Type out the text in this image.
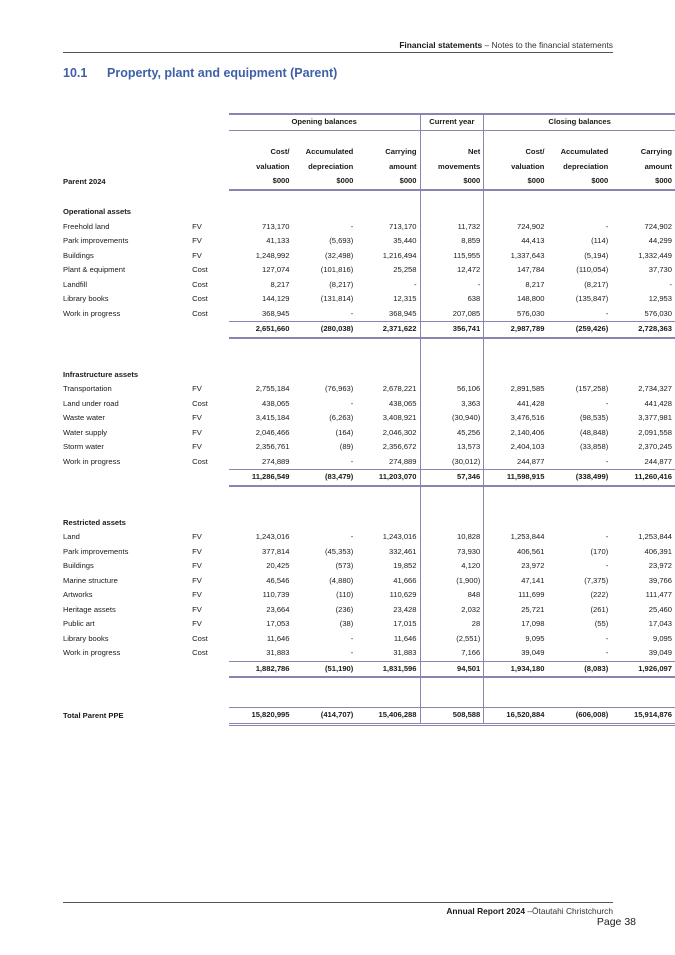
Financial statements – Notes to the financial statements
10.1 Property, plant and equipment (Parent)
		Opening balances			Current year	Closing balances		

		Cost/	Accumulated	Carrying	Net	Cost/	Accumulated	Carrying
		valuation	depreciation	amount	movements	valuation	depreciation	amount
Parent 2024		$000	$000	$000	$000	$000	$000	$000

Operational assets								
Freehold land	FV	713,170	-	713,170	11,732	724,902	-	724,902
Park improvements	FV	41,133	(5,693)	35,440	8,859	44,413	(114)	44,299
Buildings	FV	1,248,992	(32,498)	1,216,494	115,955	1,337,643	(5,194)	1,332,449
Plant & equipment	Cost	127,074	(101,816)	25,258	12,472	147,784	(110,054)	37,730
Landfill	Cost	8,217	(8,217)	-	-	8,217	(8,217)	-
Library books	Cost	144,129	(131,814)	12,315	638	148,800	(135,847)	12,953
Work in progress	Cost	368,945	-	368,945	207,085	576,030	-	576,030
		2,651,660	(280,038)	2,371,622	356,741	2,987,789	(259,426)	2,728,363

Infrastructure assets								
Transportation	FV	2,755,184	(76,963)	2,678,221	56,106	2,891,585	(157,258)	2,734,327
Land under road	Cost	438,065	-	438,065	3,363	441,428	-	441,428
Waste water	FV	3,415,184	(6,263)	3,408,921	(30,940)	3,476,516	(98,535)	3,377,981
Water supply	FV	2,046,466	(164)	2,046,302	45,256	2,140,406	(48,848)	2,091,558
Storm water	FV	2,356,761	(89)	2,356,672	13,573	2,404,103	(33,858)	2,370,245
Work in progress	Cost	274,889	-	274,889	(30,012)	244,877	-	244,877
		11,286,549	(83,479)	11,203,070	57,346	11,598,915	(338,499)	11,260,416

Restricted assets								
Land	FV	1,243,016	-	1,243,016	10,828	1,253,844	-	1,253,844
Park improvements	FV	377,814	(45,353)	332,461	73,930	406,561	(170)	406,391
Buildings	FV	20,425	(573)	19,852	4,120	23,972	-	23,972
Marine structure	FV	46,546	(4,880)	41,666	(1,900)	47,141	(7,375)	39,766
Artworks	FV	110,739	(110)	110,629	848	111,699	(222)	111,477
Heritage assets	FV	23,664	(236)	23,428	2,032	25,721	(261)	25,460
Public art	FV	17,053	(38)	17,015	28	17,098	(55)	17,043
Library books	Cost	11,646	-	11,646	(2,551)	9,095	-	9,095
Work in progress	Cost	31,883	-	31,883	7,166	39,049	-	39,049
		1,882,786	(51,190)	1,831,596	94,501	1,934,180	(8,083)	1,926,097

Total Parent PPE		15,820,995	(414,707)	15,406,288	508,588	16,520,884	(606,008)	15,914,876
Annual Report 2024 –Ōtautahi Christchurch
Page 38
